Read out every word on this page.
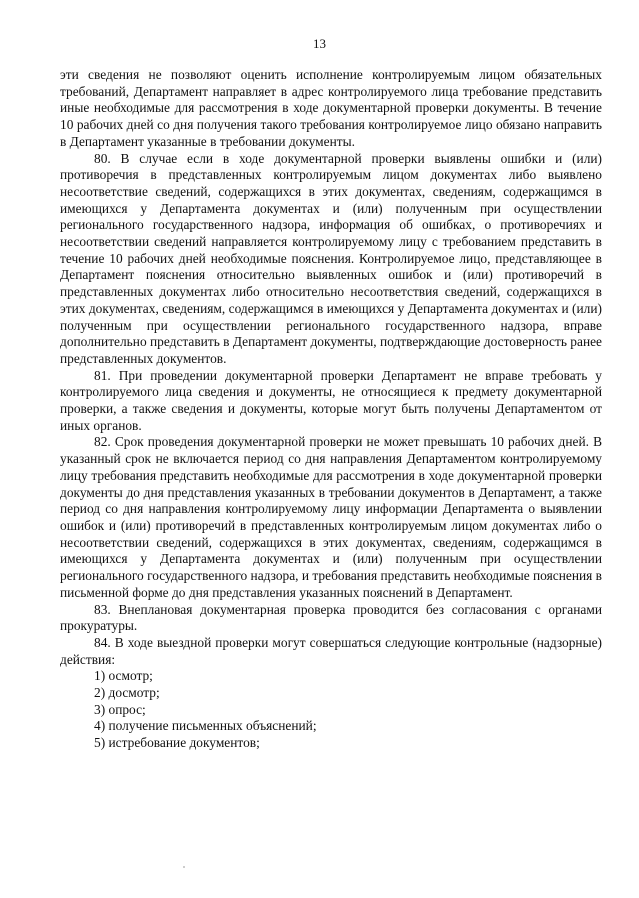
13

эти сведения не позволяют оценить исполнение контролируемым лицом обязательных требований, Департамент направляет в адрес контролируемого лица требование представить иные необходимые для рассмотрения в ходе документарной проверки документы. В течение 10 рабочих дней со дня получения такого требования контролируемое лицо обязано направить в Департамент указанные в требовании документы.

80. В случае если в ходе документарной проверки выявлены ошибки и (или) противоречия в представленных контролируемым лицом документах либо выявлено несоответствие сведений, содержащихся в этих документах, сведениям, содержащимся в имеющихся у Департамента документах и (или) полученным при осуществлении регионального государственного надзора, информация об ошибках, о противоречиях и несоответствии сведений направляется контролируемому лицу с требованием представить в течение 10 рабочих дней необходимые пояснения. Контролируемое лицо, представляющее в Департамент пояснения относительно выявленных ошибок и (или) противоречий в представленных документах либо относительно несоответствия сведений, содержащихся в этих документах, сведениям, содержащимся в имеющихся у Департамента документах и (или) полученным при осуществлении регионального государственного надзора, вправе дополнительно представить в Департамент документы, подтверждающие достоверность ранее представленных документов.

81. При проведении документарной проверки Департамент не вправе требовать у контролируемого лица сведения и документы, не относящиеся к предмету документарной проверки, а также сведения и документы, которые могут быть получены Департаментом от иных органов.

82. Срок проведения документарной проверки не может превышать 10 рабочих дней. В указанный срок не включается период со дня направления Департаментом контролируемому лицу требования представить необходимые для рассмотрения в ходе документарной проверки документы до дня представления указанных в требовании документов в Департамент, а также период со дня направления контролируемому лицу информации Департамента о выявлении ошибок и (или) противоречий в представленных контролируемым лицом документах либо о несоответствии сведений, содержащихся в этих документах, сведениям, содержащимся в имеющихся у Департамента документах и (или) полученным при осуществлении регионального государственного надзора, и требования представить необходимые пояснения в письменной форме до дня представления указанных пояснений в Департамент.

83. Внеплановая документарная проверка проводится без согласования с органами прокуратуры.

84. В ходе выездной проверки могут совершаться следующие контрольные (надзорные) действия:

1) осмотр;

2) досмотр;

3) опрос;

4) получение письменных объяснений;

5) истребование документов;
